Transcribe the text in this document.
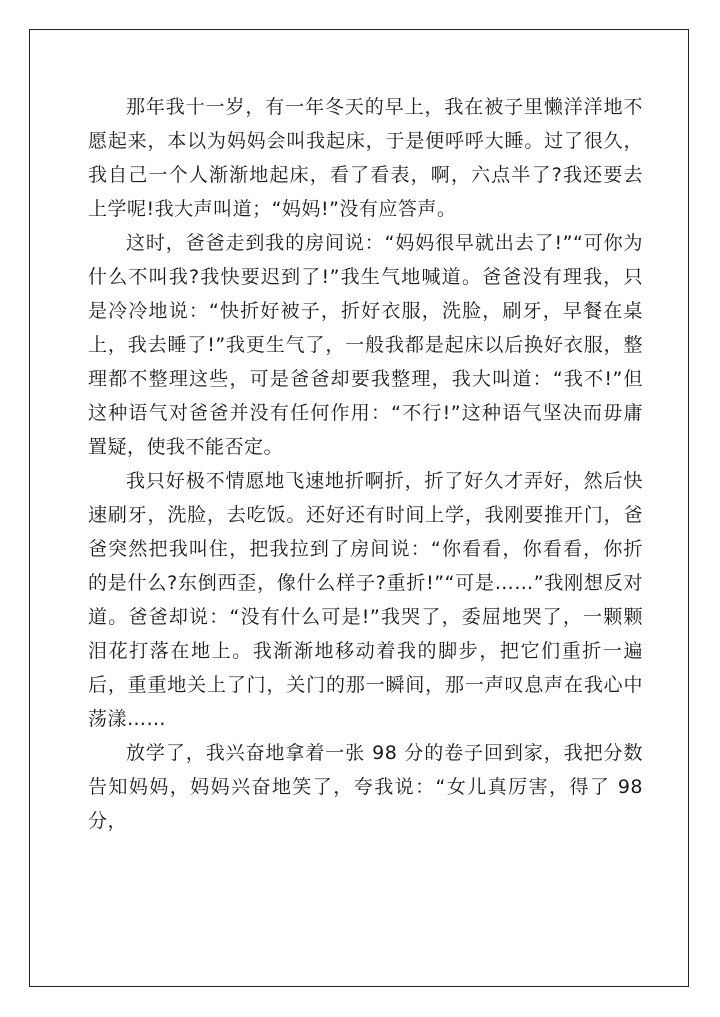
那年我十一岁，有一年冬天的早上，我在被子里懒洋洋地不愿起来，本以为妈妈会叫我起床，于是便呼呼大睡。过了很久，我自己一个人渐渐地起床，看了看表，啊，六点半了?我还要去上学呢!我大声叫道；“妈妈!”没有应答声。

这时，爸爸走到我的房间说：“妈妈很早就出去了!”“可你为什么不叫我?我快要迟到了!”我生气地喊道。爸爸没有理我，只是冷冷地说：“快折好被子，折好衣服，洗脸，刷牙，早餐在桌上，我去睡了!”我更生气了，一般我都是起床以后换好衣服，整理都不整理这些，可是爸爸却要我整理，我大叫道：“我不!”但这种语气对爸爸并没有任何作用：“不行!”这种语气坚决而毋庸置疑，使我不能否定。

我只好极不情愿地飞速地折啊折，折了好久才弄好，然后快速刷牙，洗脸，去吃饭。还好还有时间上学，我刚要推开门，爸爸突然把我叫住，把我拉到了房间说：“你看看，你看看，你折的是什么?东倒西歪，像什么样子?重折!”“可是……”我刚想反对道。爸爸却说：“没有什么可是!”我哭了，委屈地哭了，一颗颗泪花打落在地上。我渐渐地移动着我的脚步，把它们重折一遍后，重重地关上了门，关门的那一瞬间，那一声叹息声在我心中荡漾……

放学了，我兴奋地拿着一张 98 分的卷子回到家，我把分数告知妈妈，妈妈兴奋地笑了，夸我说：“女儿真厉害，得了 98 分，
